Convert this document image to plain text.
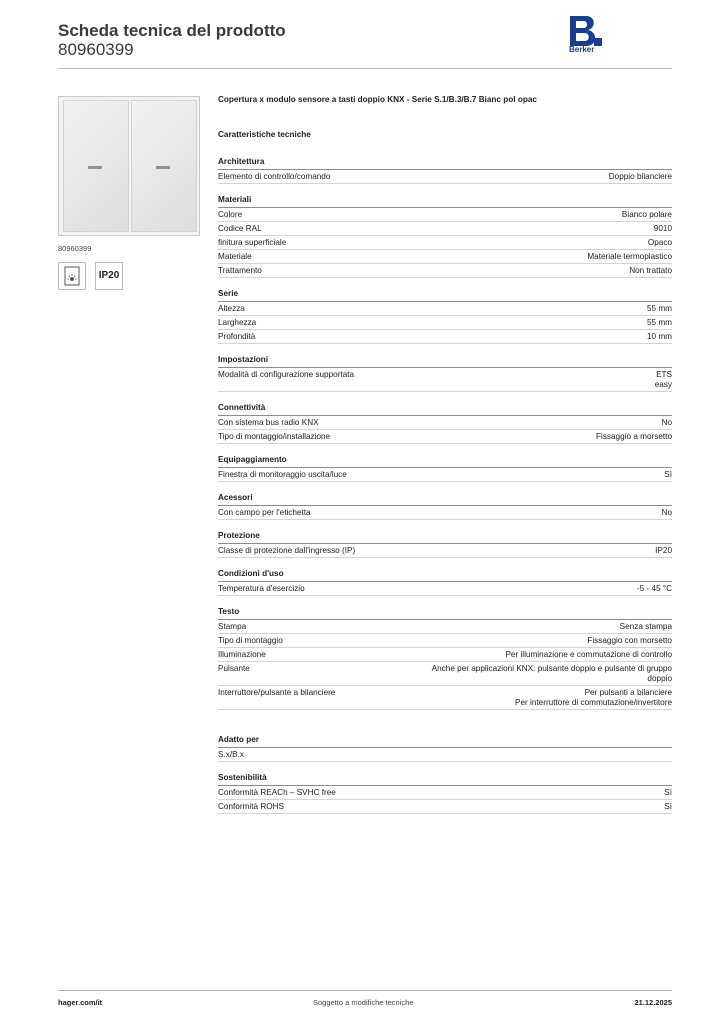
Scheda tecnica del prodotto
80960399	Berker
80960399
IP20
Copertura x modulo sensore a tasti doppio KNX - Serie S.1/B.3/B.7 Bianc pol opac
Caratteristiche tecniche
Architettura
Elemento di controllo/comando	Doppio bilanciere
Materiali
Colore	Bianco polare
Codice RAL	9010
finitura superficiale	Opaco
Materiale	Materiale termoplastico
Trattamento	Non trattato
Serie
Altezza	55 mm
Larghezza	55 mm
Profondità	10 mm
Impostazioni
Modalità di configurazione supportata	ETS
easy
Connettività
Con sistema bus radio KNX	No
Tipo di montaggio/installazione	Fissaggio a morsetto
Equipaggiamento
Finestra di monitoraggio uscita/luce	Sì
Acessori
Con campo per l'etichetta	No
Protezione
Classe di protezione dall'ingresso (IP)	IP20
Condizioni d'uso
Temperatura d'esercizio	-5 - 45 °C
Testo
Stampa	Senza stampa
Tipo di montaggio	Fissaggio con morsetto
Illuminazione	Per illuminazione e commutazione di controllo
Pulsante	Anche per applicazioni KNX: pulsante doppio e pulsante di gruppo
doppio
Interruttore/pulsante a bilanciere	Per pulsanti a bilanciere
Per interruttore di commutazione/invertitore
Adatto per
S.x/B.x
Sostenibilità
Conformità REACh – SVHC free	Sì
Conformità ROHS	Sì
hager.com/it	Soggetto a modifiche tecniche	21.12.2025
